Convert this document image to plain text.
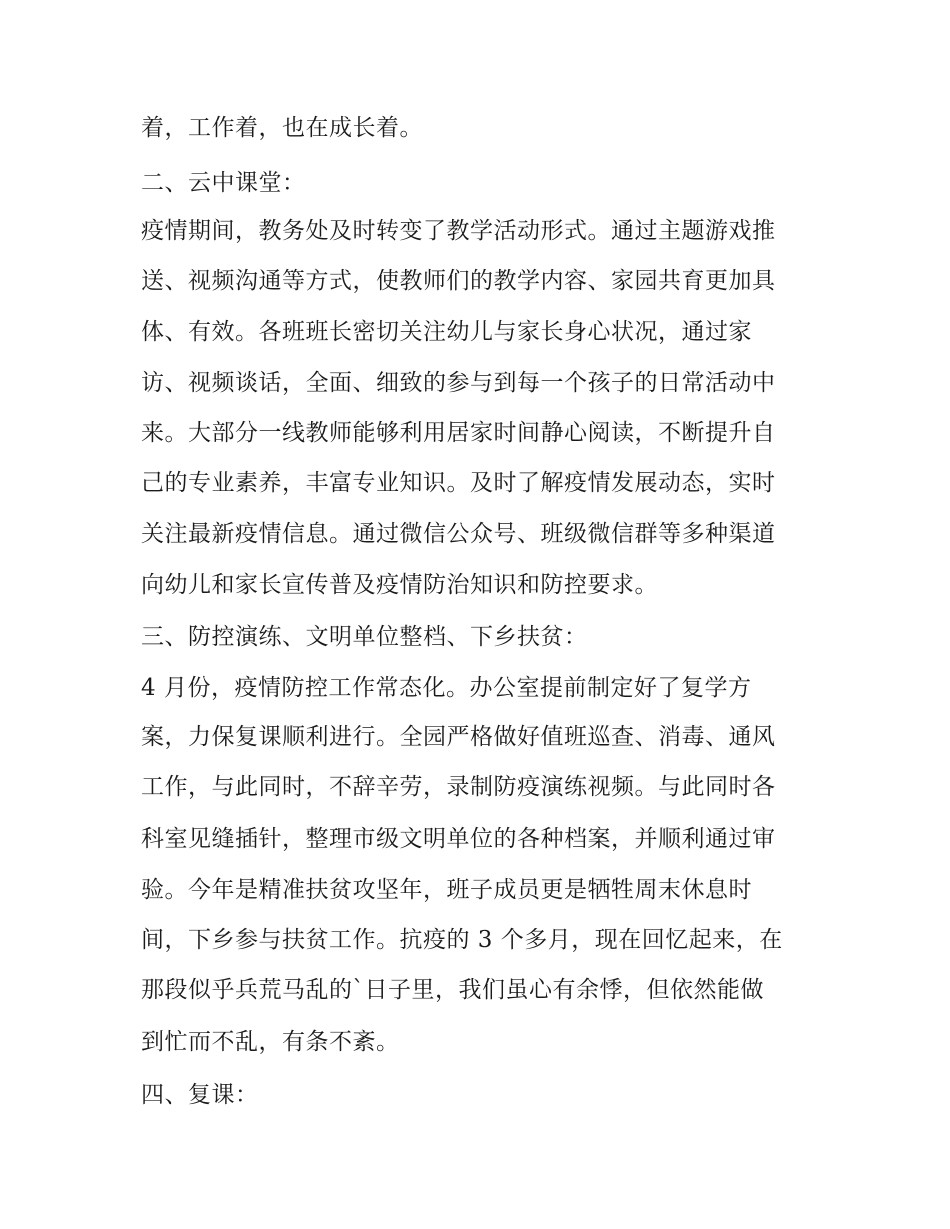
着，工作着，也在成长着。
二、云中课堂：
疫情期间，教务处及时转变了教学活动形式。通过主题游戏推
送、视频沟通等方式，使教师们的教学内容、家园共育更加具
体、有效。各班班长密切关注幼儿与家长身心状况，通过家
访、视频谈话，全面、细致的参与到每一个孩子的日常活动中
来。大部分一线教师能够利用居家时间静心阅读，不断提升自
己的专业素养，丰富专业知识。及时了解疫情发展动态，实时
关注最新疫情信息。通过微信公众号、班级微信群等多种渠道
向幼儿和家长宣传普及疫情防治知识和防控要求。
三、防控演练、文明单位整档、下乡扶贫：
4 月份，疫情防控工作常态化。办公室提前制定好了复学方
案，力保复课顺利进行。全园严格做好值班巡查、消毒、通风
工作，与此同时，不辞辛劳，录制防疫演练视频。与此同时各
科室见缝插针，整理市级文明单位的各种档案，并顺利通过审
验。今年是精准扶贫攻坚年，班子成员更是牺牲周末休息时
间，下乡参与扶贫工作。抗疫的 3 个多月，现在回忆起来，在
那段似乎兵荒马乱的`日子里，我们虽心有余悸，但依然能做
到忙而不乱，有条不紊。
四、复课：
